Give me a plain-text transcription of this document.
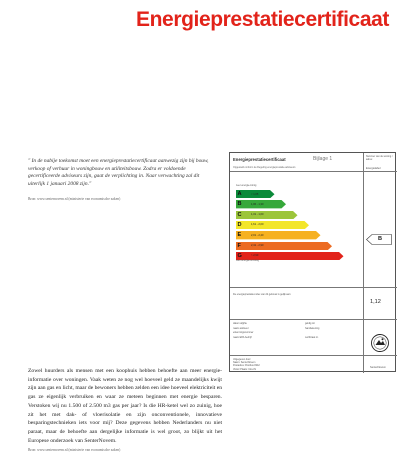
Energieprestatiecertificaat
" In de nabije toekomst moet een energieprestatiecertificaat aanwezig zijn bij bouw, verkoop of verhuur in woningbouw en utiliteitsbouw. Zodra er voldoende gecertificeerde adviseurs zijn, gaat de verplichting in. Naar verwachting zal dit uiterlijk 1 januari 2008 zijn."
Bron: www.senternovem.nl (ministerie van economische zaken)
Zowel huurders als mensen met een koophuis hebben behoefte aan meer energie-informatie over woningen. Vaak weten ze nog wel hoeveel geld ze maandelijks kwijt zijn aan gas en licht, maar de bewoners hebben zelden een idee hoeveel elektriciteit en gas ze eigenlijk verbruiken en waar ze meteen beginnen met energie besparen. Verstoken wij nu 1.500 of 2.500 m3 gas per jaar? Is die HR-ketel wel zo zuinig, hoe zit het met dak- of vloerisolatie en zijn onconventionele, innovatieve besparingstechnieken iets voor mij? Deze gegevens hebben Nederlanders nu niet paraat, maar de behoefte aan dergelijke informatie is wel groot, zo blijkt uit het Europese onderzoek van SenterNovem.
Bron: www.senternovem.nl (ministerie van economische zaken)
Energieprestatiecertificaat	Bijlage 1
Opgesteld conform de Regeling energieprestatie-adviseurs
Nummer van de woning / adres:
Energielabel
zeer energie-zuinig
A	< 1,05
B	1,06 - 1,30
C	1,31 - 1,60
D	1,61 - 2,00
E	2,01 - 2,40
F	2,41 - 2,90
G	> 2,90
zeer energie-onzuinig
B
De energieprestatie-index van dit gebouw is gelijk aan:
1,12
datum afgifte
naam adviseur
erkenningsnummer
naam EPA-bedrijf
geldig tot
handtekening

certificaat nr.
Uitgegeven door
Naam: SenterNovem
Postadres: Postbus 8242
Visitor Plaats: Utrecht
SenterNovem
